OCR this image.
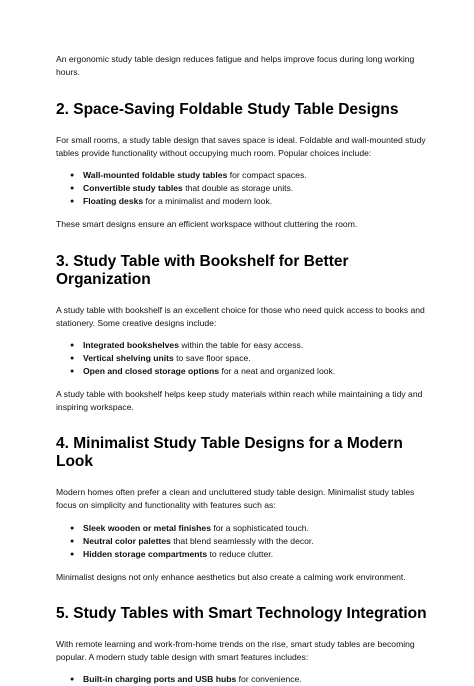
An ergonomic study table design reduces fatigue and helps improve focus during long working hours.

2. Space-Saving Foldable Study Table Designs

For small rooms, a study table design that saves space is ideal. Foldable and wall-mounted study tables provide functionality without occupying much room. Popular choices include:

● Wall-mounted foldable study tables for compact spaces.
● Convertible study tables that double as storage units.
● Floating desks for a minimalist and modern look.

These smart designs ensure an efficient workspace without cluttering the room.

3. Study Table with Bookshelf for Better Organization

A study table with bookshelf is an excellent choice for those who need quick access to books and stationery. Some creative designs include:

● Integrated bookshelves within the table for easy access.
● Vertical shelving units to save floor space.
● Open and closed storage options for a neat and organized look.

A study table with bookshelf helps keep study materials within reach while maintaining a tidy and inspiring workspace.

4. Minimalist Study Table Designs for a Modern Look

Modern homes often prefer a clean and uncluttered study table design. Minimalist study tables focus on simplicity and functionality with features such as:

● Sleek wooden or metal finishes for a sophisticated touch.
● Neutral color palettes that blend seamlessly with the decor.
● Hidden storage compartments to reduce clutter.

Minimalist designs not only enhance aesthetics but also create a calming work environment.

5. Study Tables with Smart Technology Integration

With remote learning and work-from-home trends on the rise, smart study tables are becoming popular. A modern study table design with smart features includes:

● Built-in charging ports and USB hubs for convenience.
